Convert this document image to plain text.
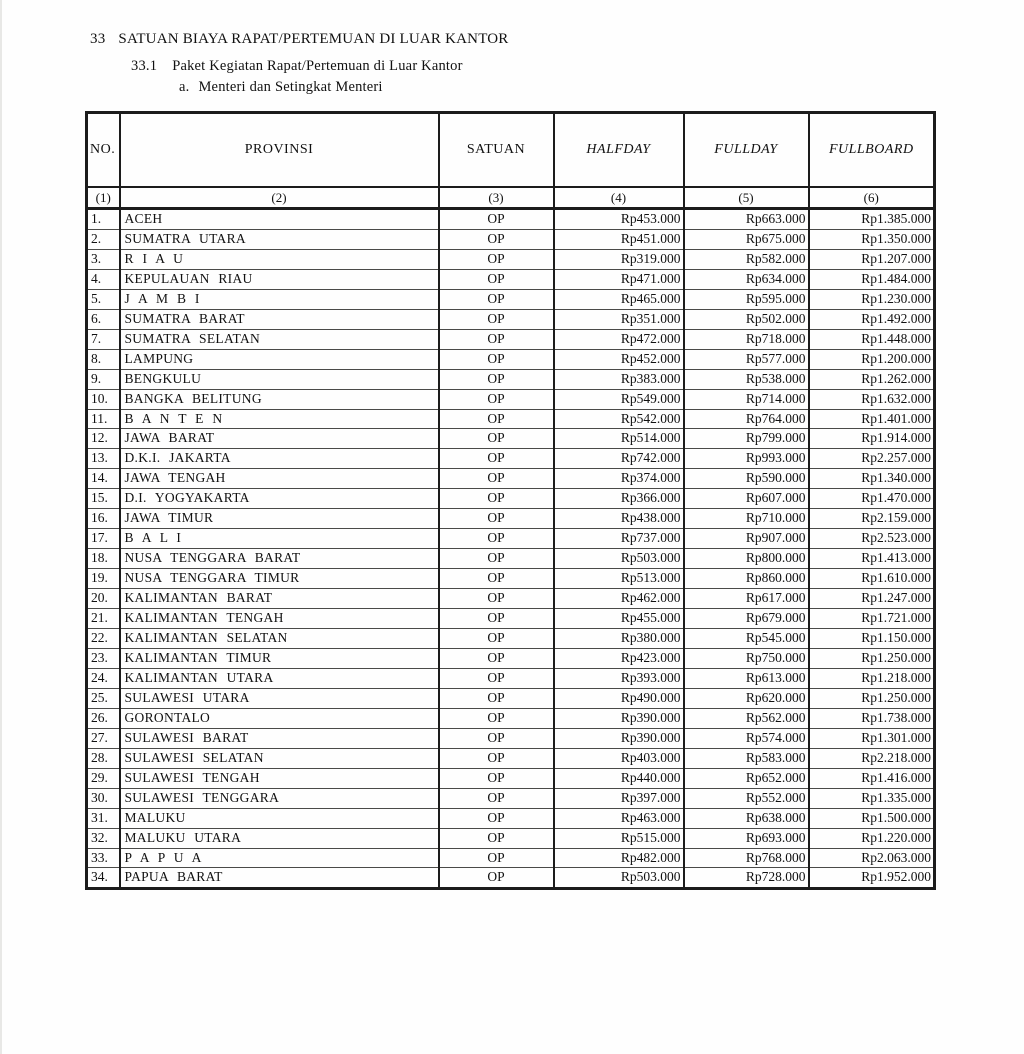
33 SATUAN BIAYA RAPAT/PERTEMUAN DI LUAR KANTOR
33.1 Paket Kegiatan Rapat/Pertemuan di Luar Kantor
a. Menteri dan Setingkat Menteri
NO.	PROVINSI	SATUAN	HALFDAY	FULLDAY	FULLBOARD
(1)	(2)	(3)	(4)	(5)	(6)
1.	ACEH	OP	Rp453.000	Rp663.000	Rp1.385.000
2.	SUMATRA UTARA	OP	Rp451.000	Rp675.000	Rp1.350.000
3.	R I A U	OP	Rp319.000	Rp582.000	Rp1.207.000
4.	KEPULAUAN RIAU	OP	Rp471.000	Rp634.000	Rp1.484.000
5.	J A M B I	OP	Rp465.000	Rp595.000	Rp1.230.000
6.	SUMATRA BARAT	OP	Rp351.000	Rp502.000	Rp1.492.000
7.	SUMATRA SELATAN	OP	Rp472.000	Rp718.000	Rp1.448.000
8.	LAMPUNG	OP	Rp452.000	Rp577.000	Rp1.200.000
9.	BENGKULU	OP	Rp383.000	Rp538.000	Rp1.262.000
10.	BANGKA BELITUNG	OP	Rp549.000	Rp714.000	Rp1.632.000
11.	B A N T E N	OP	Rp542.000	Rp764.000	Rp1.401.000
12.	JAWA BARAT	OP	Rp514.000	Rp799.000	Rp1.914.000
13.	D.K.I. JAKARTA	OP	Rp742.000	Rp993.000	Rp2.257.000
14.	JAWA TENGAH	OP	Rp374.000	Rp590.000	Rp1.340.000
15.	D.I. YOGYAKARTA	OP	Rp366.000	Rp607.000	Rp1.470.000
16.	JAWA TIMUR	OP	Rp438.000	Rp710.000	Rp2.159.000
17.	B A L I	OP	Rp737.000	Rp907.000	Rp2.523.000
18.	NUSA TENGGARA BARAT	OP	Rp503.000	Rp800.000	Rp1.413.000
19.	NUSA TENGGARA TIMUR	OP	Rp513.000	Rp860.000	Rp1.610.000
20.	KALIMANTAN BARAT	OP	Rp462.000	Rp617.000	Rp1.247.000
21.	KALIMANTAN TENGAH	OP	Rp455.000	Rp679.000	Rp1.721.000
22.	KALIMANTAN SELATAN	OP	Rp380.000	Rp545.000	Rp1.150.000
23.	KALIMANTAN TIMUR	OP	Rp423.000	Rp750.000	Rp1.250.000
24.	KALIMANTAN UTARA	OP	Rp393.000	Rp613.000	Rp1.218.000
25.	SULAWESI UTARA	OP	Rp490.000	Rp620.000	Rp1.250.000
26.	GORONTALO	OP	Rp390.000	Rp562.000	Rp1.738.000
27.	SULAWESI BARAT	OP	Rp390.000	Rp574.000	Rp1.301.000
28.	SULAWESI SELATAN	OP	Rp403.000	Rp583.000	Rp2.218.000
29.	SULAWESI TENGAH	OP	Rp440.000	Rp652.000	Rp1.416.000
30.	SULAWESI TENGGARA	OP	Rp397.000	Rp552.000	Rp1.335.000
31.	MALUKU	OP	Rp463.000	Rp638.000	Rp1.500.000
32.	MALUKU UTARA	OP	Rp515.000	Rp693.000	Rp1.220.000
33.	P A P U A	OP	Rp482.000	Rp768.000	Rp2.063.000
34.	PAPUA BARAT	OP	Rp503.000	Rp728.000	Rp1.952.000
